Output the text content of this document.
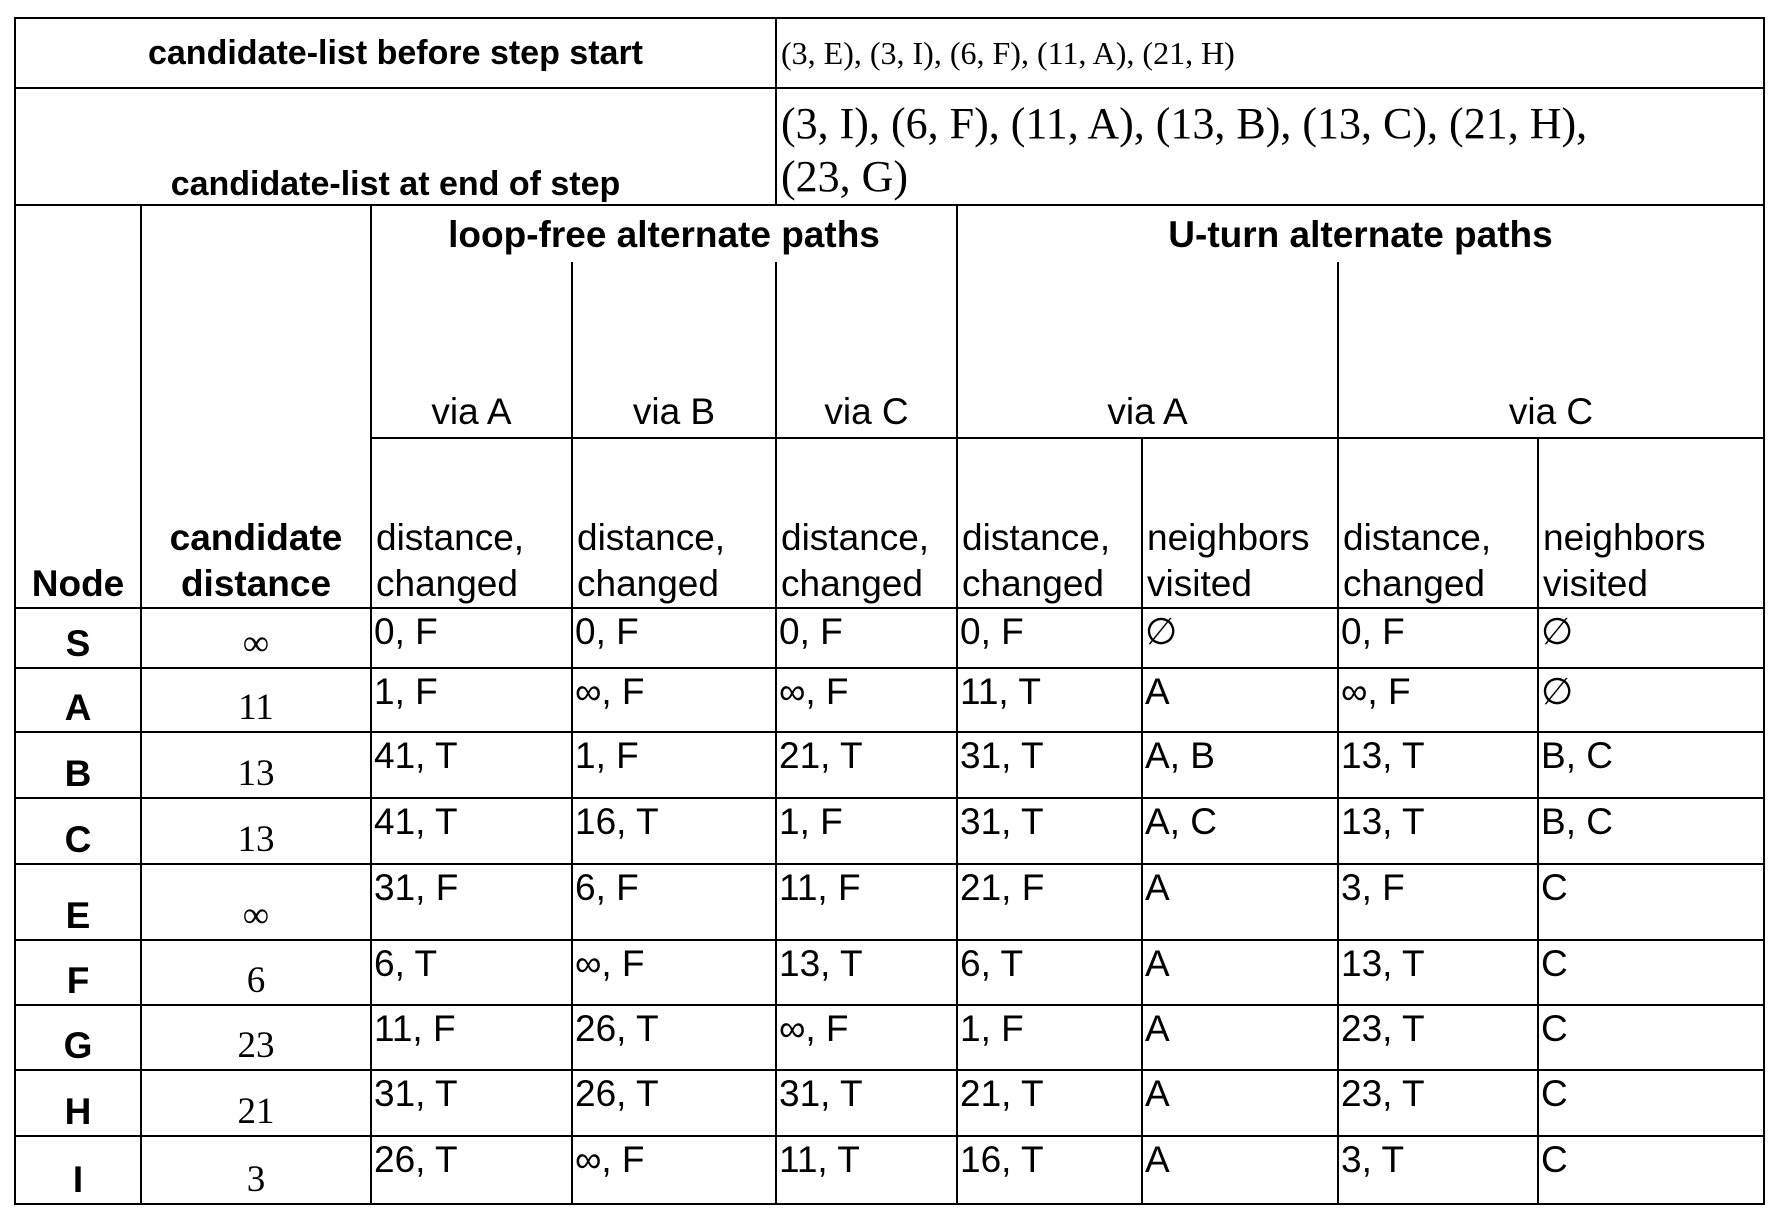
candidate-list before step start	(3, E), (3, I), (6, F), (11, A), (21, H)
candidate-list at end of step	
(3, I), (6, F), (11, A), (13, B), (13, C), (21, H),
(23, G)
Node	candidate distance	loop-free alternate paths	U-turn alternate paths
via A	via B	via C	via A	via C
distance, changed	distance, changed	distance, changed	distance, changed	neighbors visited	distance, changed	neighbors visited
S	∞	0, F	0, F	0, F	0, F	∅	0, F	∅
A	11	1, F	∞, F	∞, F	11, T	A	∞, F	∅
B	13	41, T	1, F	21, T	31, T	A, B	13, T	B, C
C	13	41, T	16, T	1, F	31, T	A, C	13, T	B, C
E	∞	31, F	6, F	11, F	21, F	A	3, F	C
F	6	6, T	∞, F	13, T	6, T	A	13, T	C
G	23	11, F	26, T	∞, F	1, F	A	23, T	C
H	21	31, T	26, T	31, T	21, T	A	23, T	C
I	3	26, T	∞, F	11, T	16, T	A	3, T	C
